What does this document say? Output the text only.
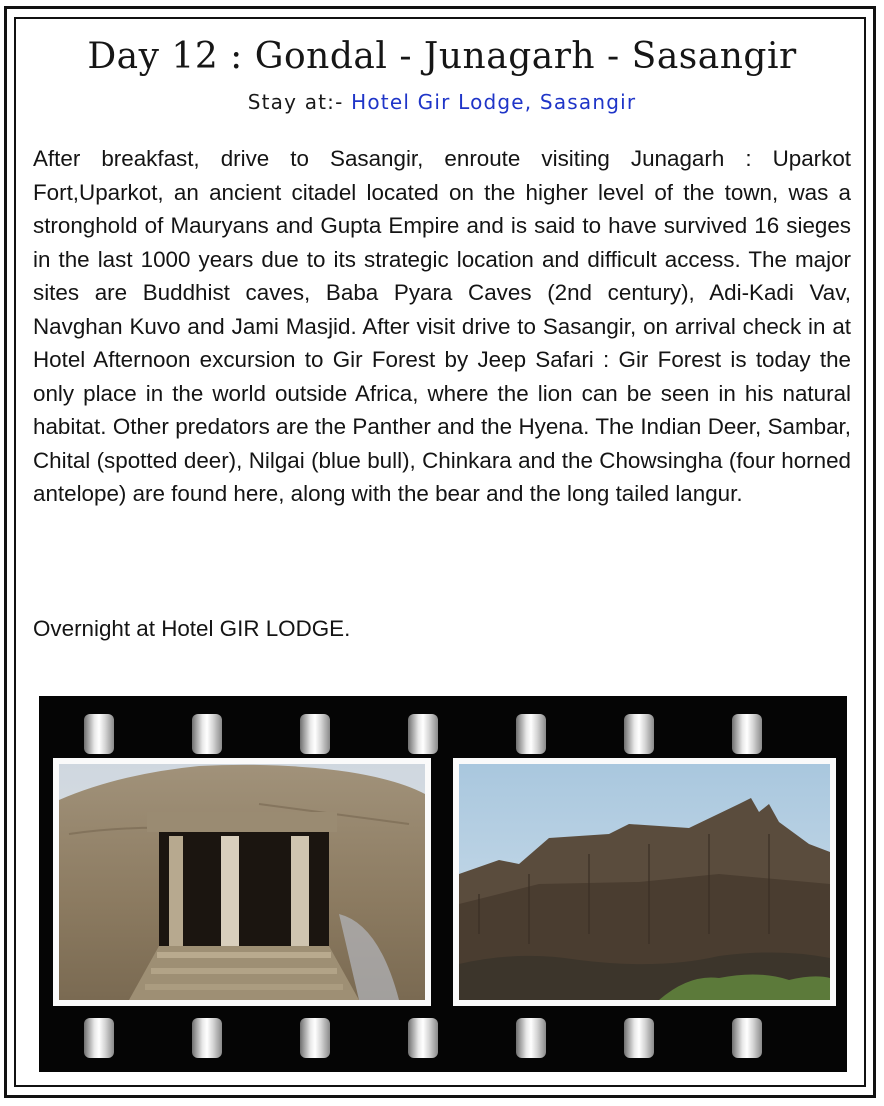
Day 12 : Gondal - Junagarh - Sasangir
Stay at:- Hotel Gir Lodge, Sasangir

After breakfast, drive to Sasangir, enroute visiting Junagarh : Uparkot Fort,Uparkot, an ancient citadel located on the higher level of the town, was a stronghold of Mauryans and Gupta Empire and is said to have survived 16 sieges in the last 1000 years due to its strategic location and difficult access. The major sites are Buddhist caves, Baba Pyara Caves (2nd century), Adi-Kadi Vav, Navghan Kuvo and Jami Masjid. After visit drive to Sasangir, on arrival check in at Hotel Afternoon excursion to Gir Forest by Jeep Safari : Gir Forest is today the only place in the world outside Africa, where the lion can be seen in his natural habitat. Other predators are the Panther and the Hyena. The Indian Deer, Sambar, Chital (spotted deer), Nilgai (blue bull), Chinkara and the Chowsingha (four horned antelope) are found here, along with the bear and the long tailed langur.

Overnight at Hotel GIR LODGE.
